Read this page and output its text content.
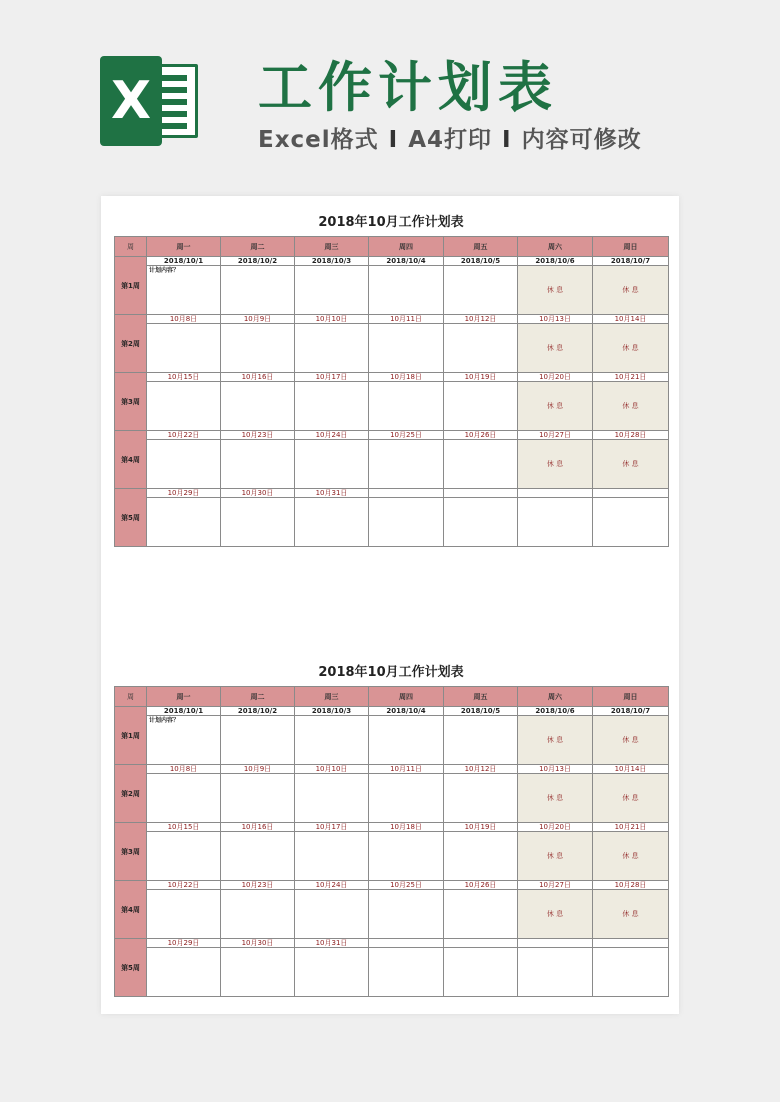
X 工作计划表
Excel格式 I A4打印 I 内容可修改
2018年10月工作计划表
周	周一	周二	周三	周四	周五	周六	周日
第1周	2018/10/1	2018/10/2	2018/10/3	2018/10/4	2018/10/5	2018/10/6	2018/10/7

	计划内容？					休 息	休 息
第2周	10月8日	10月9日	10月10日	10月11日	10月12日	10月13日	10月14日
						休 息	休 息
第3周	10月15日	10月16日	10月17日	10月18日	10月19日	10月20日	10月21日
						休 息	休 息
第4周	10月22日	10月23日	10月24日	10月25日	10月26日	10月27日	10月28日
						休 息	休 息
第5周	10月29日	10月30日	10月31日				

2018年10月工作计划表
周	周一	周二	周三	周四	周五	周六	周日
第1周	2018/10/1	2018/10/2	2018/10/3	2018/10/4	2018/10/5	2018/10/6	2018/10/7

	计划内容？					休 息	休 息
第2周	10月8日	10月9日	10月10日	10月11日	10月12日	10月13日	10月14日
						休 息	休 息
第3周	10月15日	10月16日	10月17日	10月18日	10月19日	10月20日	10月21日
						休 息	休 息
第4周	10月22日	10月23日	10月24日	10月25日	10月26日	10月27日	10月28日
						休 息	休 息
第5周	10月29日	10月30日	10月31日				
